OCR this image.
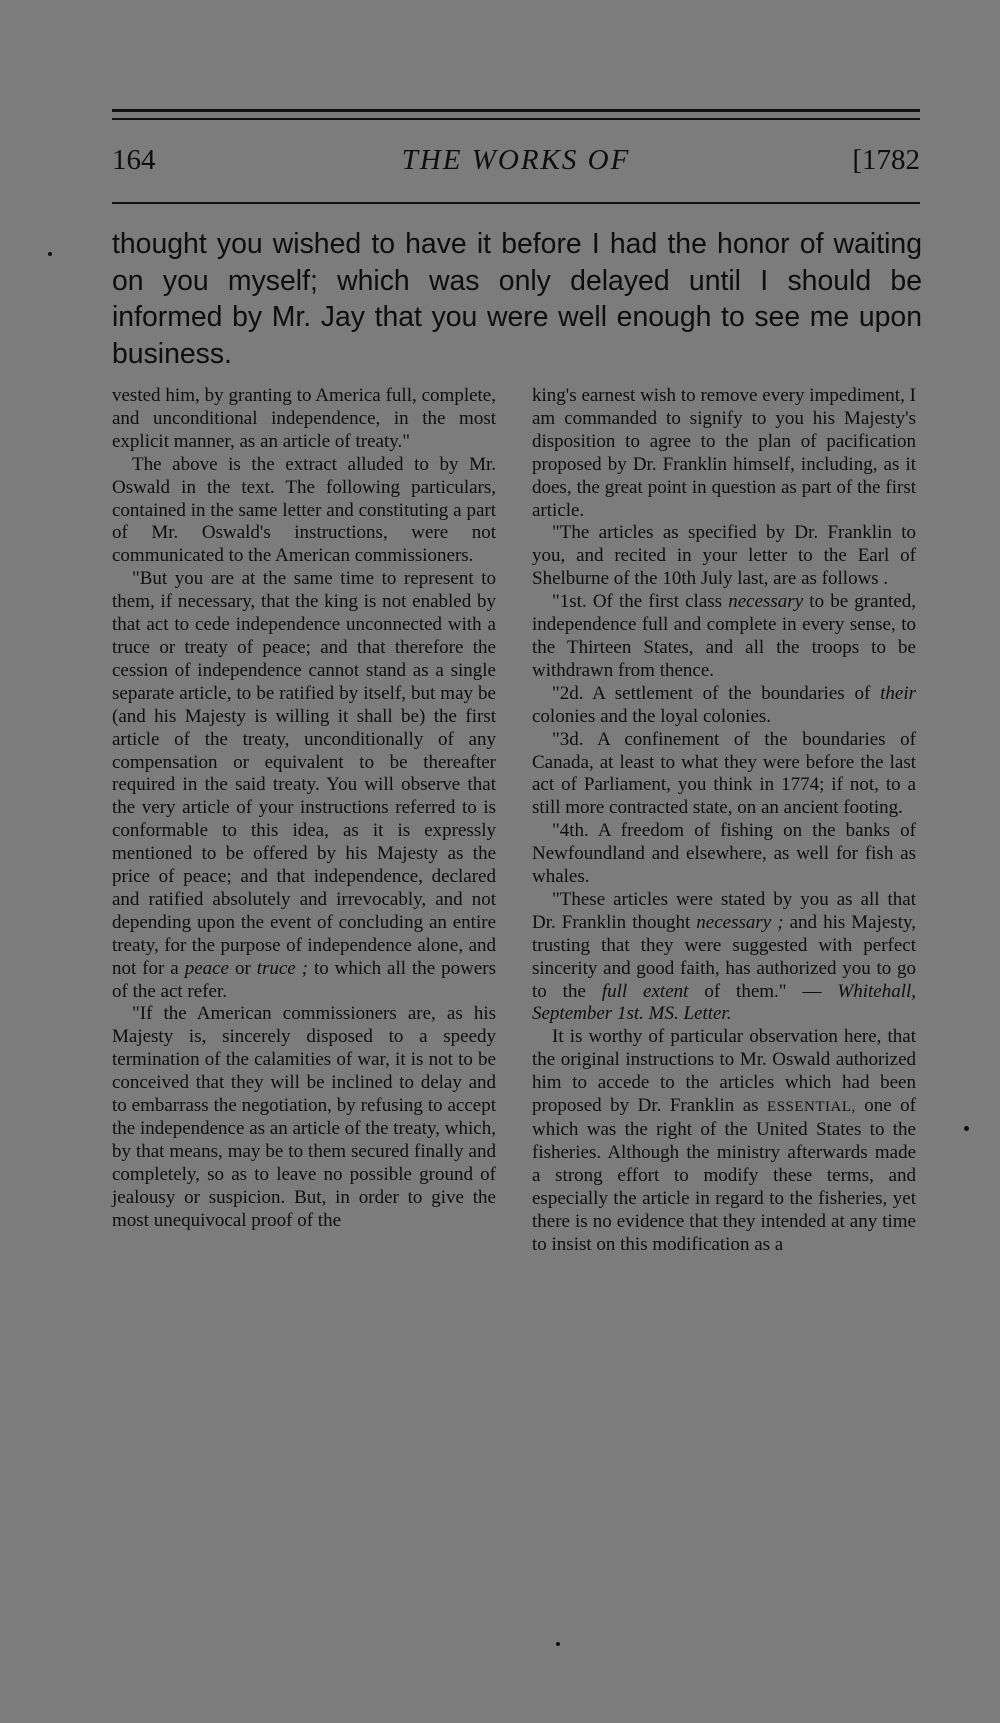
164	THE WORKS OF	[1782

thought you wished to have it before I had the honor of waiting on you myself; which was only delayed until I should be informed by Mr. Jay that you were well enough to see me upon business.

vested him, by granting to America full, complete, and unconditional independence, in the most explicit manner, as an article of treaty."

The above is the extract alluded to by Mr. Oswald in the text. The following particulars, contained in the same letter and constituting a part of Mr. Oswald's instructions, were not communicated to the American commissioners.

"But you are at the same time to represent to them, if necessary, that the king is not enabled by that act to cede independence unconnected with a truce or treaty of peace; and that therefore the cession of independence cannot stand as a single separate article, to be ratified by itself, but may be (and his Majesty is willing it shall be) the first article of the treaty, unconditionally of any compensation or equivalent to be thereafter required in the said treaty. You will observe that the very article of your instructions referred to is conformable to this idea, as it is expressly mentioned to be offered by his Majesty as the price of peace; and that independence, declared and ratified absolutely and irrevocably, and not depending upon the event of concluding an entire treaty, for the purpose of independence alone, and not for a peace or truce ; to which all the powers of the act refer.

"If the American commissioners are, as his Majesty is, sincerely disposed to a speedy termination of the calamities of war, it is not to be conceived that they will be inclined to delay and to embarrass the negotiation, by refusing to accept the independence as an article of the treaty, which, by that means, may be to them secured finally and completely, so as to leave no possible ground of jealousy or suspicion. But, in order to give the most unequivocal proof of the

king's earnest wish to remove every impediment, I am commanded to signify to you his Majesty's disposition to agree to the plan of pacification proposed by Dr. Franklin himself, including, as it does, the great point in question as part of the first article.

"The articles as specified by Dr. Franklin to you, and recited in your letter to the Earl of Shelburne of the 10th July last, are as follows .

"1st. Of the first class necessary to be granted, independence full and complete in every sense, to the Thirteen States, and all the troops to be withdrawn from thence.

"2d. A settlement of the boundaries of their colonies and the loyal colonies.

"3d. A confinement of the boundaries of Canada, at least to what they were before the last act of Parliament, you think in 1774; if not, to a still more contracted state, on an ancient footing.

"4th. A freedom of fishing on the banks of Newfoundland and elsewhere, as well for fish as whales.

"These articles were stated by you as all that Dr. Franklin thought necessary ; and his Majesty, trusting that they were suggested with perfect sincerity and good faith, has authorized you to go to the full extent of them." — Whitehall, September 1st. MS. Letter.

It is worthy of particular observation here, that the original instructions to Mr. Oswald authorized him to accede to the articles which had been proposed by Dr. Franklin as ESSENTIAL, one of which was the right of the United States to the fisheries. Although the ministry afterwards made a strong effort to modify these terms, and especially the article in regard to the fisheries, yet there is no evidence that they intended at any time to insist on this modification as a
